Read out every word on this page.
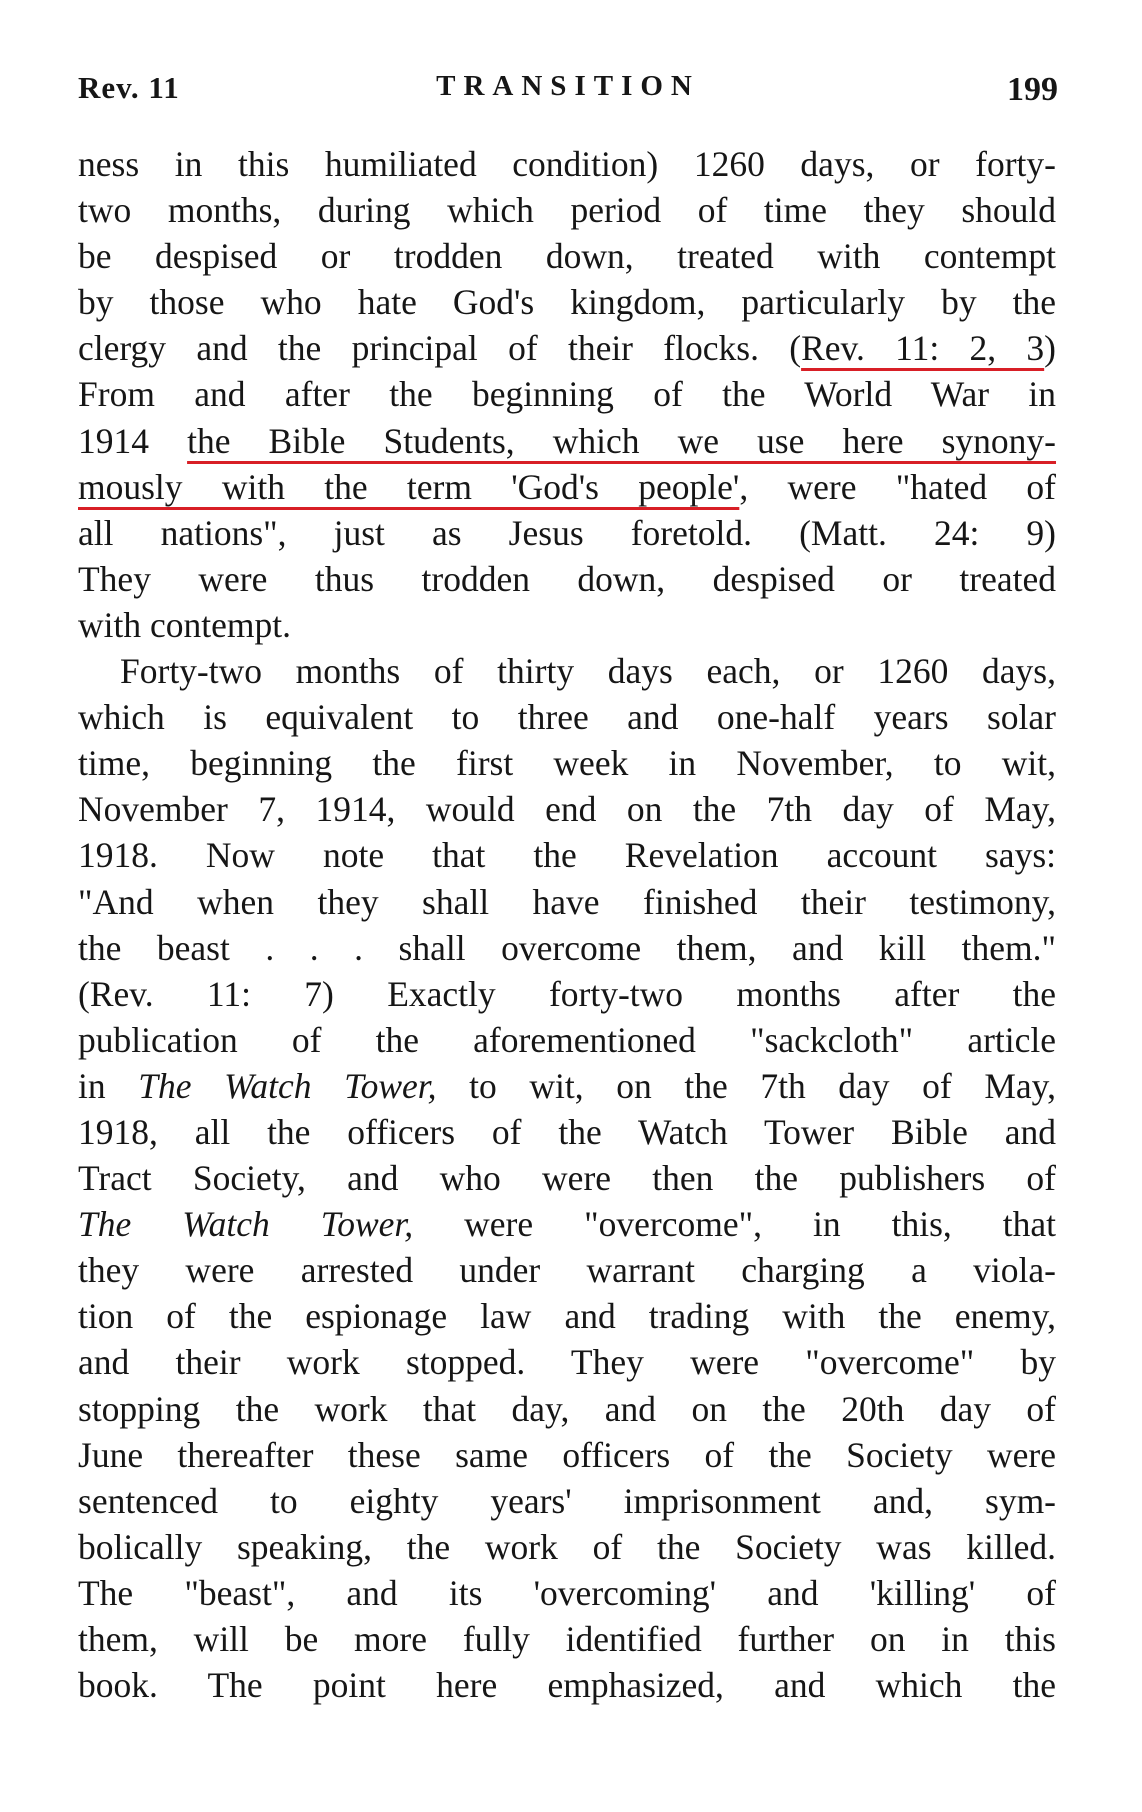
Rev. 11	TRANSITION	199
ness in this humiliated condition) 1260 days, or forty-
two months, during which period of time they should
be despised or trodden down, treated with contempt
by those who hate God's kingdom, particularly by the
clergy and the principal of their flocks. (Rev. 11: 2, 3)
From and after the beginning of the World War in
1914 the Bible Students, which we use here synony-
mously with the term 'God's people', were "hated of
all nations", just as Jesus foretold. (Matt. 24: 9)
They were thus trodden down, despised or treated
with contempt.
Forty-two months of thirty days each, or 1260 days,
which is equivalent to three and one-half years solar
time, beginning the first week in November, to wit,
November 7, 1914, would end on the 7th day of May,
1918. Now note that the Revelation account says:
"And when they shall have finished their testimony,
the beast . . . shall overcome them, and kill them."
(Rev. 11: 7) Exactly forty-two months after the
publication of the aforementioned "sackcloth" article
in The Watch Tower, to wit, on the 7th day of May,
1918, all the officers of the Watch Tower Bible and
Tract Society, and who were then the publishers of
The Watch Tower, were "overcome", in this, that
they were arrested under warrant charging a viola-
tion of the espionage law and trading with the enemy,
and their work stopped. They were "overcome" by
stopping the work that day, and on the 20th day of
June thereafter these same officers of the Society were
sentenced to eighty years' imprisonment and, sym-
bolically speaking, the work of the Society was killed.
The "beast", and its 'overcoming' and 'killing' of
them, will be more fully identified further on in this
book. The point here emphasized, and which the
